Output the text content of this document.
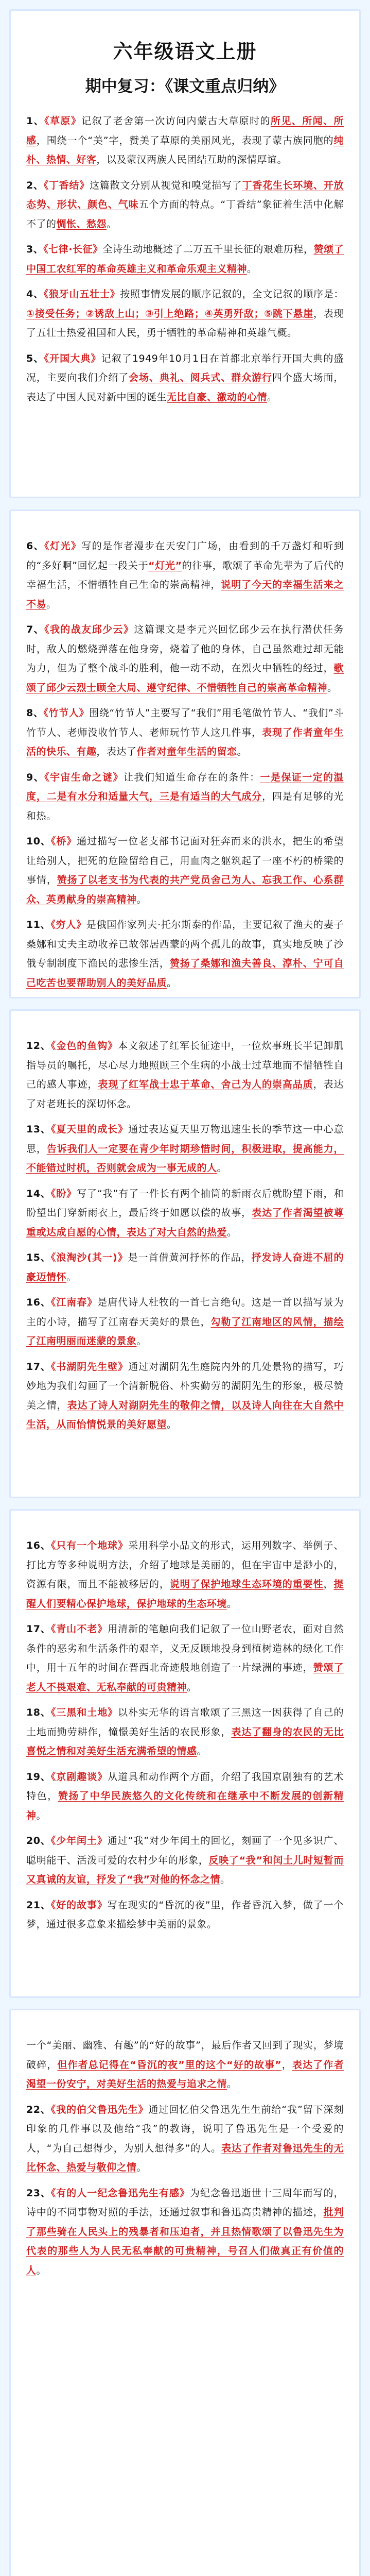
六年级语文上册
期中复习：《课文重点归纳》

1、《草原》记叙了老舍第一次访问内蒙古大草原时的所见、所闻、所感，围绕一个“美”字，赞美了草原的美丽风光，表现了蒙古族同胞的纯朴、热情、好客，以及蒙汉两族人民团结互助的深情厚谊。

2、《丁香结》这篇散文分别从视觉和嗅觉描写了丁香花生长环境、开放态势、形状、颜色、气味五个方面的特点。“丁香结”象征着生活中化解不了的惆怅、愁怨。

3、《七律·长征》全诗生动地概述了二万五千里长征的艰难历程，赞颂了中国工农红军的革命英雄主义和革命乐观主义精神。

4、《狼牙山五壮士》按照事情发展的顺序记叙的，全文记叙的顺序是：①接受任务；②诱敌上山；③引上绝路；④英勇歼敌；⑤跳下悬崖，表现了五壮士热爱祖国和人民，勇于牺牲的革命精神和英雄气概。

5、《开国大典》记叙了1949年10月1日在首都北京举行开国大典的盛况，主要向我们介绍了会场、典礼、阅兵式、群众游行四个盛大场面，表达了中国人民对新中国的诞生无比自豪、激动的心情。

6、《灯光》写的是作者漫步在天安门广场，由看到的千万盏灯和听到的“多好啊”回忆起一段关于“灯光”的往事，歌颂了革命先辈为了后代的幸福生活，不惜牺牲自己生命的崇高精神，说明了今天的幸福生活来之不易。

7、《我的战友邱少云》这篇课文是李元兴回忆邱少云在执行潜伏任务时，敌人的燃烧弹落在他身旁，烧着了他的身体，自己虽然难过却无能为力，但为了整个战斗的胜利，他一动不动，在烈火中牺牲的经过，歌颂了邱少云烈士顾全大局、遵守纪律、不惜牺牲自己的崇高革命精神。

8、《竹节人》围绕“竹节人”主要写了“我们”用毛笔做竹节人、“我们”斗竹节人、老师没收竹节人、老师玩竹节人这几件事，表现了作者童年生活的快乐、有趣，表达了作者对童年生活的留恋。

9、《宇宙生命之谜》让我们知道生命存在的条件：一是保证一定的温度，二是有水分和适量大气，三是有适当的大气成分，四是有足够的光和热。

10、《桥》通过描写一位老支部书记面对狂奔而来的洪水，把生的希望让给别人，把死的危险留给自己，用血肉之躯筑起了一座不朽的桥梁的事情，赞扬了以老支书为代表的共产党员舍己为人、忘我工作、心系群众、英勇献身的崇高精神。

11、《穷人》是俄国作家列夫·托尔斯泰的作品，主要记叙了渔夫的妻子桑娜和丈夫主动收养已故邻居西蒙的两个孤儿的故事，真实地反映了沙俄专制制度下渔民的悲惨生活，赞扬了桑娜和渔夫善良、淳朴、宁可自己吃苦也要帮助别人的美好品质。

12、《金色的鱼钩》本文叙述了红军长征途中，一位炊事班长半记卸肌指导员的嘱托，尽心尽力地照顾三个生病的小战士过草地而不惜牺牲自己的感人事迹，表现了红军战士忠于革命、舍己为人的崇高品质，表达了对老班长的深切怀念。

13、《夏天里的成长》通过表达夏天里万物迅速生长的季节这一中心意思，告诉我们人一定要在青少年时期珍惜时间，积极进取，提高能力，不能错过时机，否则就会成为一事无成的人。

14、《盼》写了“我”有了一件长有两个抽筒的新雨衣后就盼望下雨，和盼望出门穿新雨衣上，最后终于如愿以偿的故事，表达了作者渴望被尊重或达成自愿的心情，表达了对大自然的热爱。

15、《浪淘沙(其一)》是一首借黄河抒怀的作品，抒发诗人奋进不屈的豪迈情怀。

16、《江南春》是唐代诗人杜牧的一首七言绝句。这是一首以描写景为主的小诗，描写了江南春天美好的景色，勾勒了江南地区的风情，描绘了江南明丽而迷蒙的景象。

17、《书湖阴先生壁》通过对湖阴先生庭院内外的几处景物的描写，巧妙地为我们勾画了一个清新脱俗、朴实勤劳的湖阴先生的形象，极尽赞美之情，表达了诗人对湖阴先生的敬仰之情，以及诗人向往在大自然中生活，从而怡情悦景的美好愿望。

16、《只有一个地球》采用科学小品文的形式，运用列数字、举例子、打比方等多种说明方法，介绍了地球是美丽的，但在宇宙中是渺小的，资源有限，而且不能被移居的，说明了保护地球生态环境的重要性，提醒人们要精心保护地球，保护地球的生态环境。

17、《青山不老》用清新的笔触向我们记叙了一位山野老农，面对自然条件的恶劣和生活条件的艰辛，义无反顾地投身到植树造林的绿化工作中，用十五年的时间在晋西北奇迹般地创造了一片绿洲的事迹，赞颂了老人不畏艰难、无私奉献的可贵精神。

18、《三黑和土地》以朴实无华的语言歌颂了三黑这一因获得了自己的土地而勤劳耕作，憧憬美好生活的农民形象，表达了翻身的农民的无比喜悦之情和对美好生活充满希望的情感。

19、《京剧趣谈》从道具和动作两个方面，介绍了我国京剧独有的艺术特色，赞扬了中华民族悠久的文化传统和在继承中不断发展的创新精神。

20、《少年闰土》通过“我”对少年闰土的回忆，刻画了一个见多识广、聪明能干、活泼可爱的农村少年的形象，反映了“我”和闰土儿时短暂而又真诚的友谊，抒发了“我”对他的怀念之情。

21、《好的故事》写在现实的“昏沉的夜”里，作者昏沉入梦，做了一个梦，通过很多意象来描绘梦中美丽的景象。

一个“美丽、幽雅、有趣”的“好的故事”，最后作者又回到了现实，梦境破碎，但作者总记得在“昏沉的夜”里的这个“好的故事”，表达了作者渴望一份安宁，对美好生活的热爱与追求之情。

22、《我的伯父鲁迅先生》通过回忆伯父鲁迅先生生前给“我”留下深刻印象的几件事以及他给“我”的教诲，说明了鲁迅先生是一个受爱的人，“为自己想得少，为别人想得多”的人。表达了作者对鲁迅先生的无比怀念、热爱与敬仰之情。

23、《有的人一纪念鲁迅先生有感》为纪念鲁迅逝世十三周年而写的，诗中的不同事物对照的手法，还通过叙事和鲁迅高贵精神的描述，批判了那些骑在人民头上的残暴者和压迫者，并且热情歌颂了以鲁迅先生为代表的那些人为人民无私奉献的可贵精神，号召人们做真正有价值的人。
